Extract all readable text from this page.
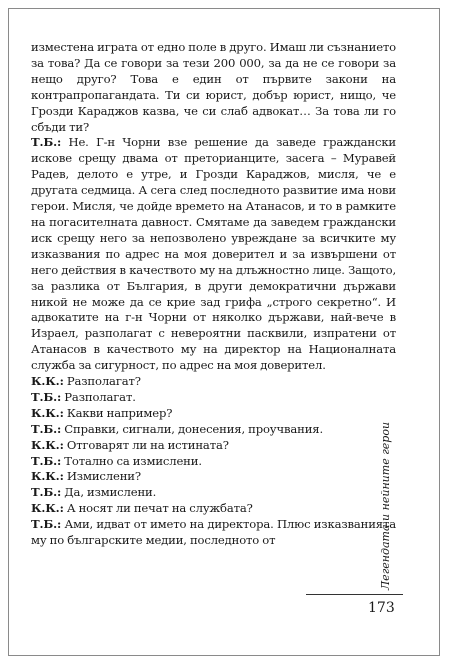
изместена играта от едно поле в друго. Имаш ли съзнанието за това? Да се говори за тези 200 000, за да не се говори за нещо друго? Това е един от първите закони на контрапропагандата. Ти си юрист, добър юрист, нищо, че Грозди Караджов казва, че си слаб адвокат… За това ли го сбъди ти?

Т.Б.: Не. Г-н Чорни взе решение да заведе граждански искове срещу двама от преторианците, засега – Муравей Радев, делото е утре, и Грозди Караджов, мисля, че е другата седмица. А сега след последното развитие има нови герои. Мисля, че дойде времето на Атанасов, и то в рамките на погасителната давност. Смятаме да заведем граждански иск срещу него за непозволено увреждане за всичките му изказвания по адрес на моя доверител и за извършени от него действия в качеството му на длъжностно лице. Защото, за разлика от България, в други демократични държави никой не може да се крие зад грифа „строго секретно“. И адвокатите на г-н Чорни от няколко държави, най-вече в Израел, разполагат с невероятни пасквили, изпратени от Атанасов в качеството му на директор на Националната служба за сигурност, по адрес на моя доверител.

К.К.: Разполагат?

Т.Б.: Разполагат.

К.К.: Какви например?

Т.Б.: Справки, сигнали, донесения, проучвания.

К.К.: Отговарят ли на истината?

Т.Б.: Тотално са измислени.

К.К.: Измислени?

Т.Б.: Да, измислени.

К.К.: А носят ли печат на службата?

Т.Б.: Ами, идват от името на директора. Плюс изказванията му по българските медии, последното от	Легендата и нейните герои
173
